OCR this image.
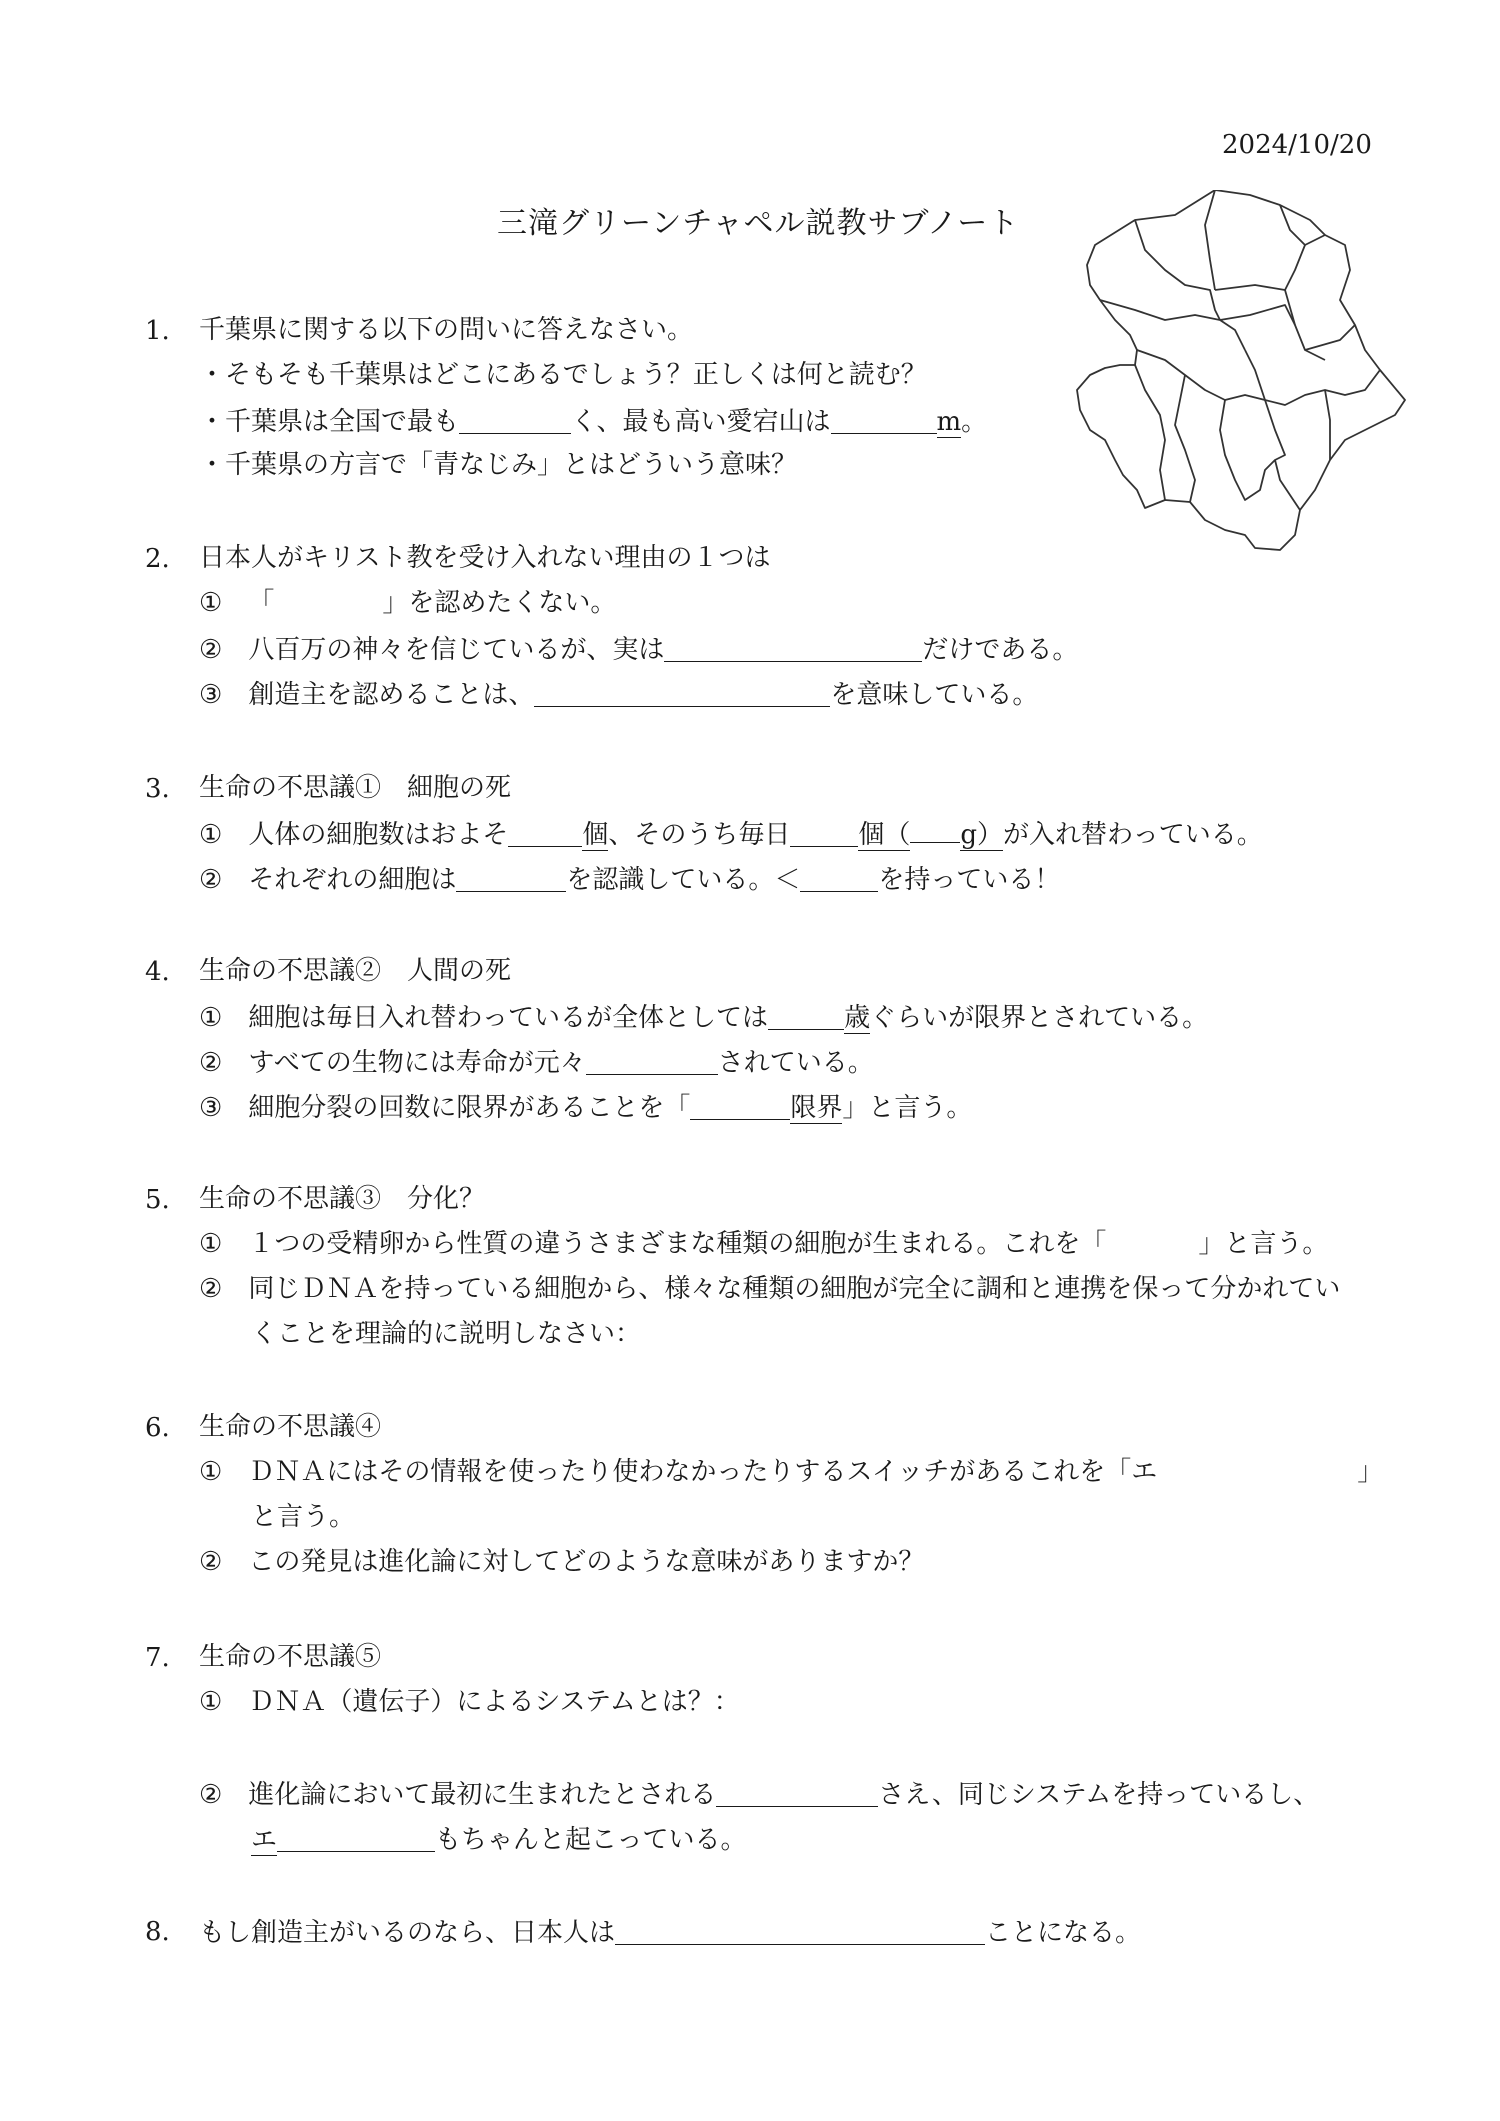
2024/10/20
三滝グリーンチャペル説教サブノート
1. 千葉県に関する以下の問いに答えなさい。
・そもそも千葉県はどこにあるでしょう？正しくは何と読む？
・千葉県は全国で最も	く、最も高い愛宕山は	m。
・千葉県の方言で「青なじみ」とはどういう意味？
2. 日本人がキリスト教を受け入れない理由の１つは
① 「	」を認めたくない。
② 八百万の神々を信じているが、実は	だけである。
③ 創造主を認めることは、	を意味している。
3. 生命の不思議①　細胞の死
① 人体の細胞数はおよそ	個、そのうち毎日	個（ g）が入れ替わっている。
② それぞれの細胞は	を認識している。＜	を持っている！
4. 生命の不思議②　人間の死
① 細胞は毎日入れ替わっているが全体としては	歳ぐらいが限界とされている。
② すべての生物には寿命が元々	されている。
③ 細胞分裂の回数に限界があることを「	限界」と言う。
5. 生命の不思議③　分化？
① １つの受精卵から性質の違うさまざまな種類の細胞が生まれる。これを「	」と言う。
② 同じＤＮＡを持っている細胞から、様々な種類の細胞が完全に調和と連携を保って分かれてい
くことを理論的に説明しなさい：
6. 生命の不思議④
① ＤＮＡにはその情報を使ったり使わなかったりするスイッチがあるこれを「エ	」
と言う。
② この発見は進化論に対してどのような意味がありますか？
7. 生命の不思議⑤
① ＤＮＡ（遺伝子）によるシステムとは？：
② 進化論において最初に生まれたとされる	さえ、同じシステムを持っているし、
エ	もちゃんと起こっている。
8. もし創造主がいるのなら、日本人は	ことになる。
